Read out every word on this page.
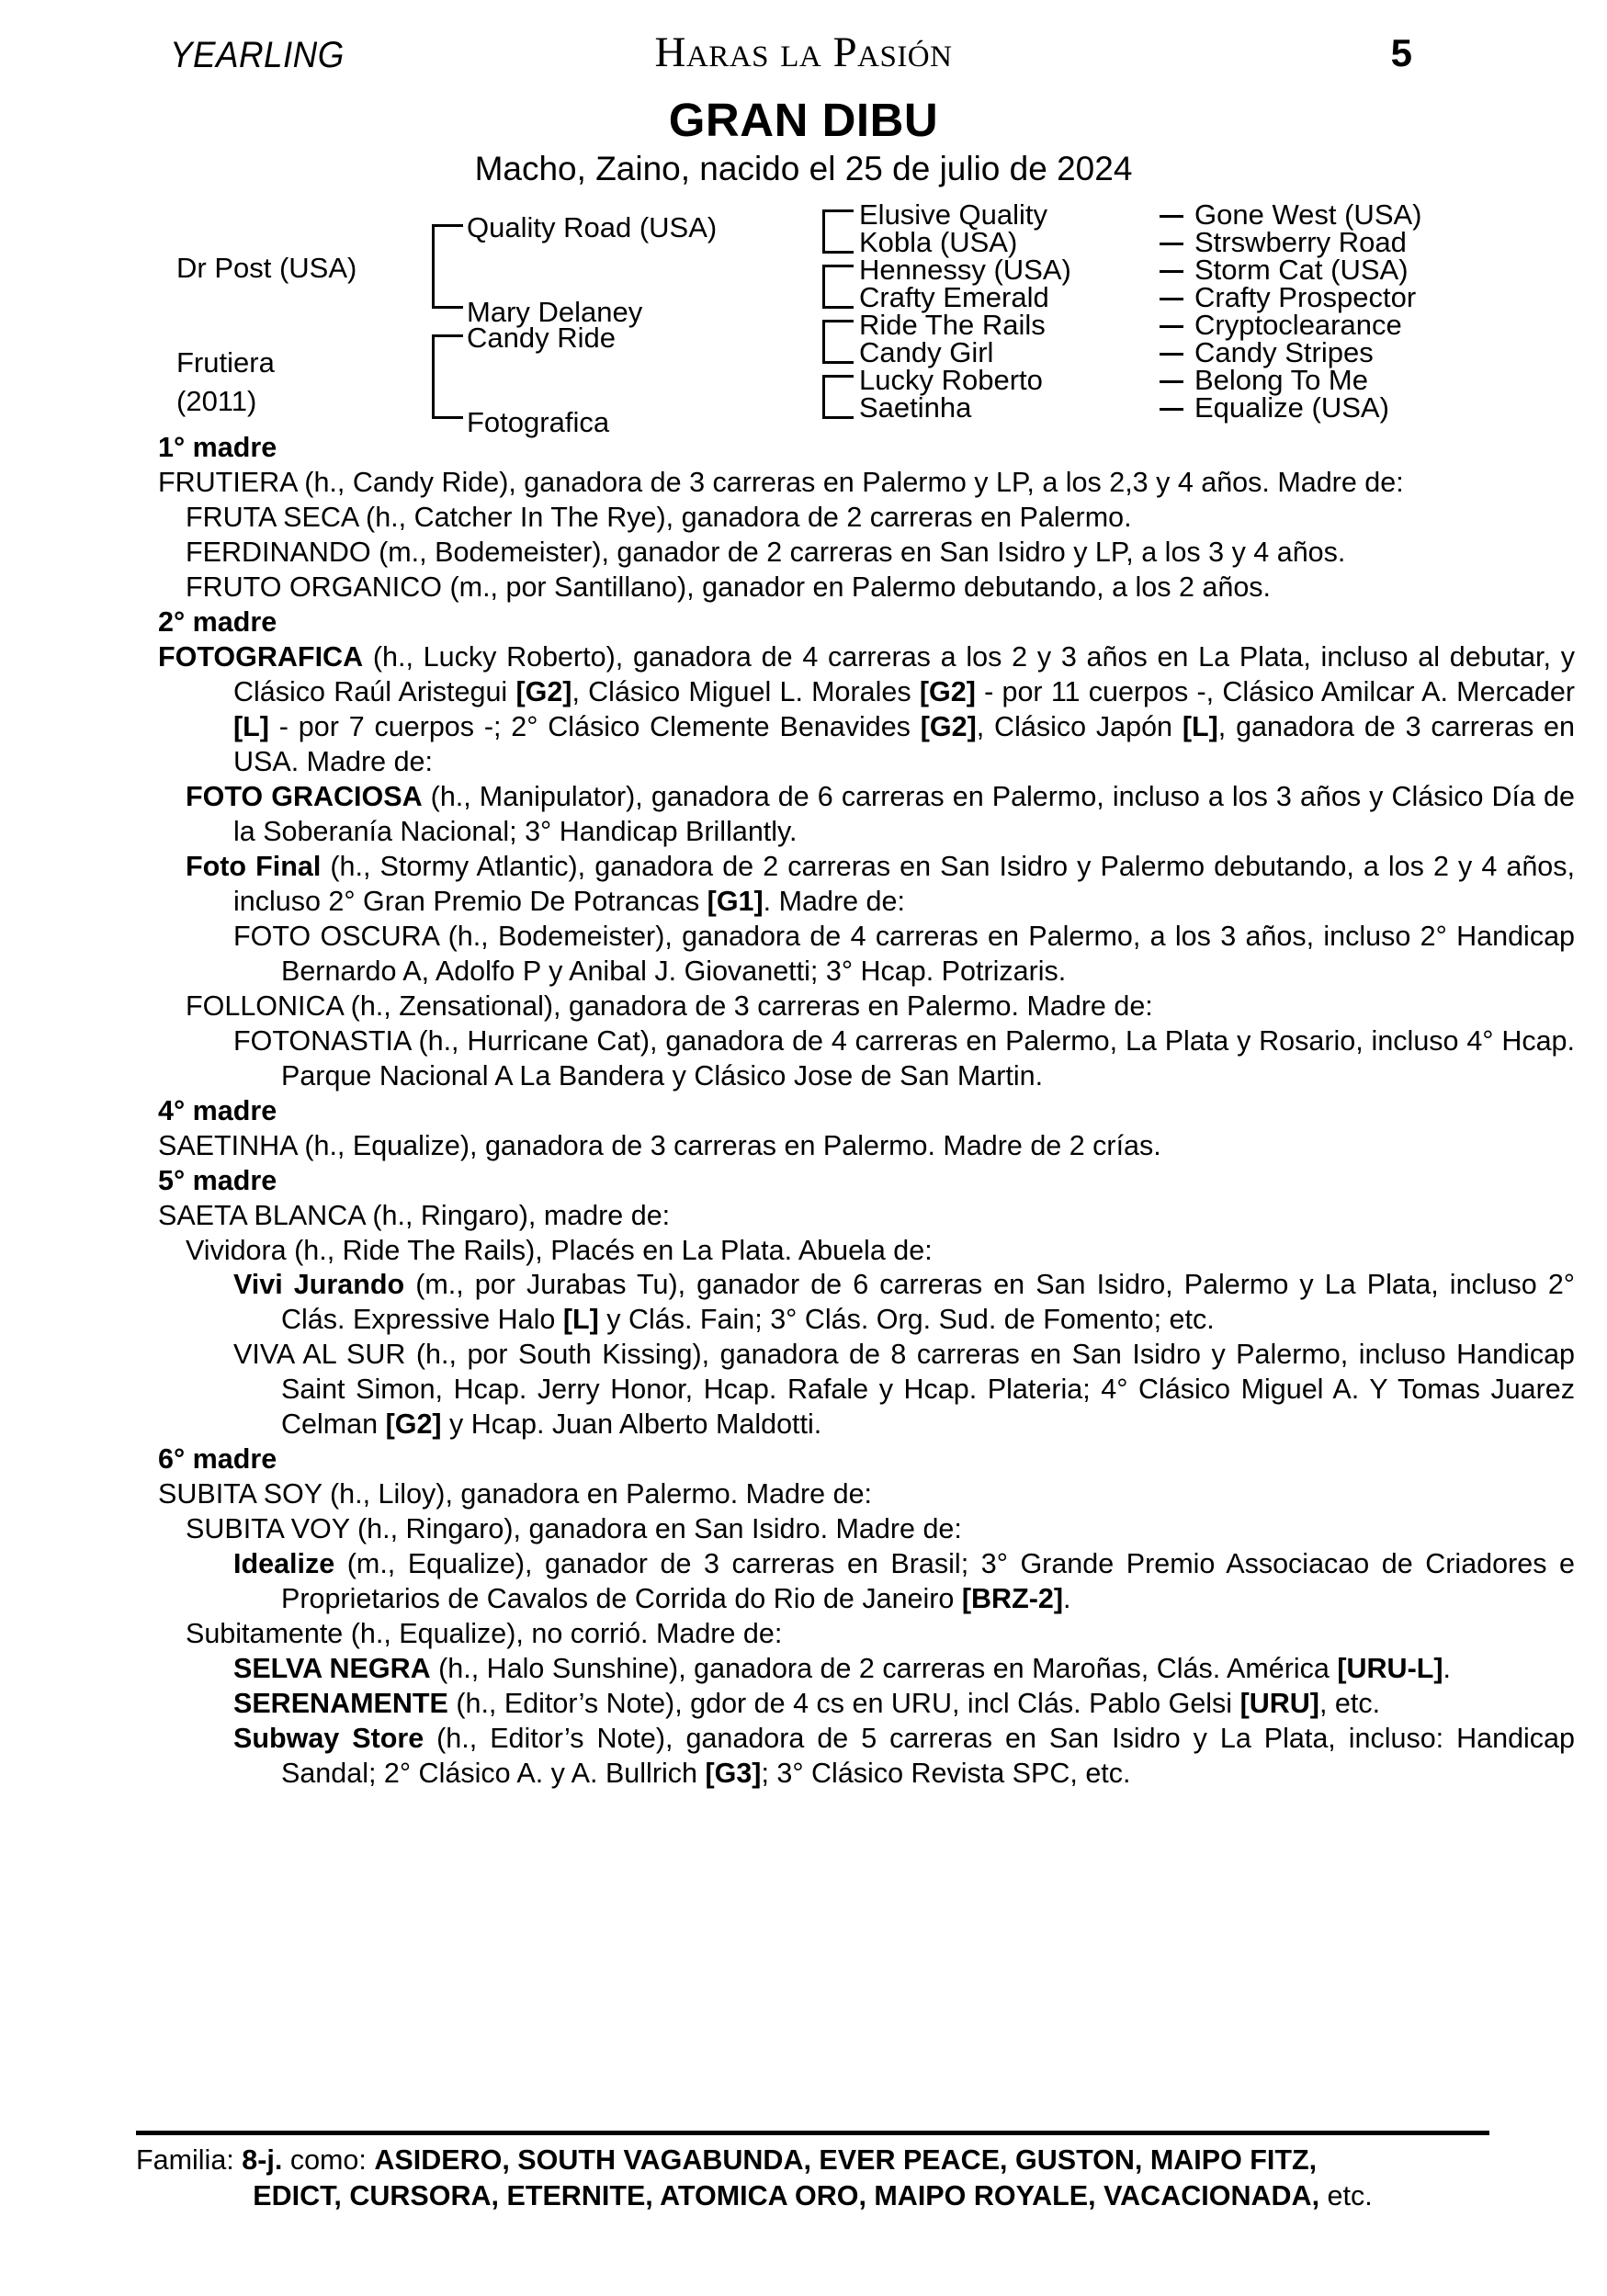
YEARLING	Haras la Pasión	5
GRAN DIBU
Macho, Zaino, nacido el 25 de julio de 2024
Dr Post (USA)
Frutiera
(2011)
Quality Road (USA)
Mary Delaney
Candy Ride
Fotografica
Elusive Quality
Kobla (USA)
Hennessy (USA)
Crafty Emerald
Ride The Rails
Candy Girl
Lucky Roberto
Saetinha
Gone West (USA)
Strswberry Road
Storm Cat (USA)
Crafty Prospector
Cryptoclearance
Candy Stripes
Belong To Me
Equalize (USA)

1° madre

FRUTIERA (h., Candy Ride), ganadora de 3 carreras en Palermo y LP, a los 2,3 y 4 años. Madre de:

FRUTA SECA (h., Catcher In The Rye), ganadora de 2 carreras en Palermo.

FERDINANDO (m., Bodemeister), ganador de 2 carreras en San Isidro y LP, a los 3 y 4 años.

FRUTO ORGANICO (m., por Santillano), ganador en Palermo debutando, a los 2 años.

2° madre

FOTOGRAFICA (h., Lucky Roberto), ganadora de 4 carreras a los 2 y 3 años en La Plata, incluso al debutar, y Clásico Raúl Aristegui [G2], Clásico Miguel L. Morales [G2] - por 11 cuerpos -, Clásico Amilcar A. Mercader [L] - por 7 cuerpos -; 2° Clásico Clemente Benavides [G2], Clásico Japón [L], ganadora de 3 carreras en USA. Madre de:

FOTO GRACIOSA (h., Manipulator), ganadora de 6 carreras en Palermo, incluso a los 3 años y Clásico Día de la Soberanía Nacional; 3° Handicap Brillantly.

Foto Final (h., Stormy Atlantic), ganadora de 2 carreras en San Isidro y Palermo debutando, a los 2 y 4 años, incluso 2° Gran Premio De Potrancas [G1]. Madre de:

FOTO OSCURA (h., Bodemeister), ganadora de 4 carreras en Palermo, a los 3 años, incluso 2° Handicap Bernardo A, Adolfo P y Anibal J. Giovanetti; 3° Hcap. Potrizaris.

FOLLONICA (h., Zensational), ganadora de 3 carreras en Palermo. Madre de:

FOTONASTIA (h., Hurricane Cat), ganadora de 4 carreras en Palermo, La Plata y Rosario, incluso 4° Hcap. Parque Nacional A La Bandera y Clásico Jose de San Martin.

4° madre

SAETINHA (h., Equalize), ganadora de 3 carreras en Palermo. Madre de 2 crías.

5° madre

SAETA BLANCA (h., Ringaro), madre de:

Vividora (h., Ride The Rails), Placés en La Plata. Abuela de:

Vivi Jurando (m., por Jurabas Tu), ganador de 6 carreras en San Isidro, Palermo y La Plata, incluso 2° Clás. Expressive Halo [L] y Clás. Fain; 3° Clás. Org. Sud. de Fomento; etc.

VIVA AL SUR (h., por South Kissing), ganadora de 8 carreras en San Isidro y Palermo, incluso Handicap Saint Simon, Hcap. Jerry Honor, Hcap. Rafale y Hcap. Plateria; 4° Clásico Miguel A. Y Tomas Juarez Celman [G2] y Hcap. Juan Alberto Maldotti.

6° madre

SUBITA SOY (h., Liloy), ganadora en Palermo. Madre de:

SUBITA VOY (h., Ringaro), ganadora en San Isidro. Madre de:

Idealize (m., Equalize), ganador de 3 carreras en Brasil; 3° Grande Premio Associacao de Criadores e Proprietarios de Cavalos de Corrida do Rio de Janeiro [BRZ-2].

Subitamente (h., Equalize), no corrió. Madre de:

SELVA NEGRA (h., Halo Sunshine), ganadora de 2 carreras en Maroñas, Clás. América [URU-L].

SERENAMENTE (h., Editor’s Note), gdor de 4 cs en URU, incl Clás. Pablo Gelsi [URU], etc.

Subway Store (h., Editor’s Note), ganadora de 5 carreras en San Isidro y La Plata, incluso: Handicap Sandal; 2° Clásico A. y A. Bullrich [G3]; 3° Clásico Revista SPC, etc.

Familia: 8-j. como: ASIDERO, SOUTH VAGABUNDA, EVER PEACE, GUSTON, MAIPO FITZ,
EDICT, CURSORA, ETERNITE, ATOMICA ORO, MAIPO ROYALE, VACACIONADA, etc.
